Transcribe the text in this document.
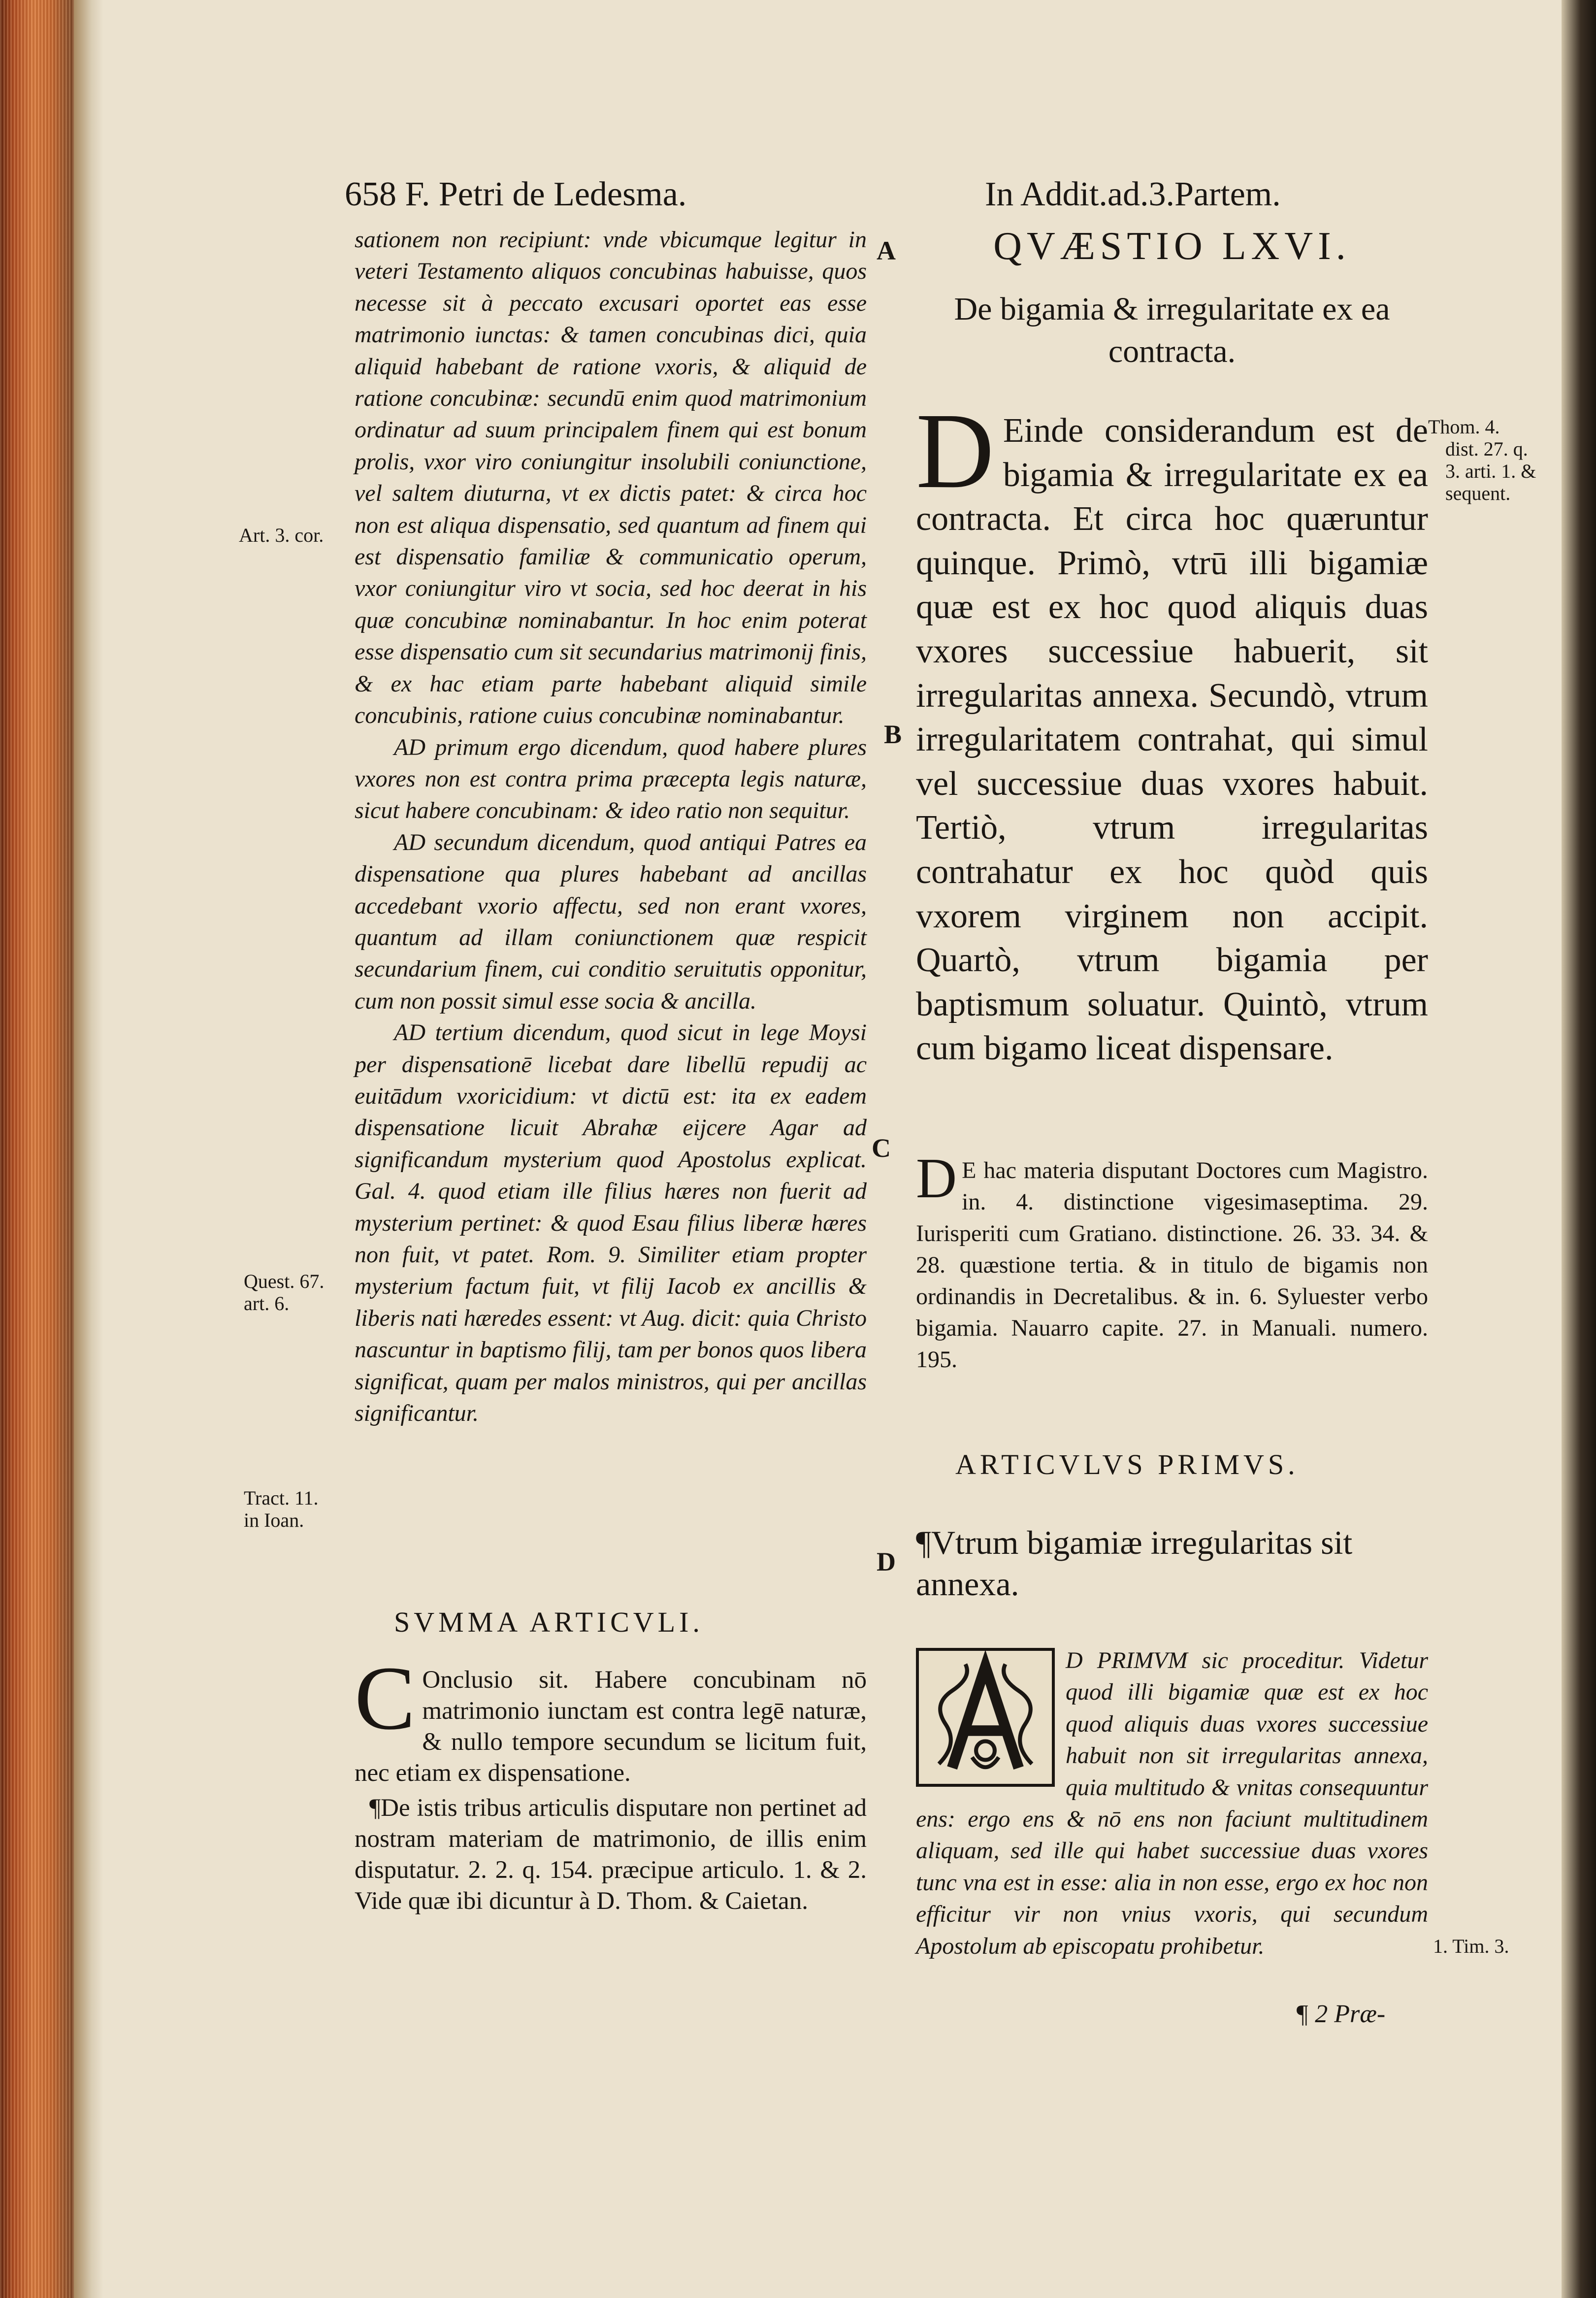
658 F. Petri de Ledesma.	In Addit.ad.3.Partem.

sationem non recipiunt: vnde vbicumque legitur in veteri Testamento aliquos concubinas habuisse, quos necesse sit à peccato excusari oportet eas esse matrimonio iunctas: & tamen concubinas dici, quia aliquid habebant de ratione vxoris, & aliquid de ratione concubinæ: secundū enim quod matrimonium ordinatur ad suum principalem finem qui est bonum prolis, vxor viro coniungitur insolubili coniunctione, vel saltem diuturna, vt ex dictis patet: & circa hoc non est aliqua dispensatio, sed quantum ad finem qui est dispensatio familiæ & communicatio operum, vxor coniungitur viro vt socia, sed hoc deerat in his quæ concubinæ nominabantur. In hoc enim poterat esse dispensatio cum sit secundarius matrimonij finis, & ex hac etiam parte habebant aliquid simile concubinis, ratione cuius concubinæ nominabantur.

AD primum ergo dicendum, quod habere plures vxores non est contra prima præcepta legis naturæ, sicut habere concubinam: & ideo ratio non sequitur.

AD secundum dicendum, quod antiqui Patres ea dispensatione qua plures habebant ad ancillas accedebant vxorio affectu, sed non erant vxores, quantum ad illam coniunctionem quæ respicit secundarium finem, cui conditio seruitutis opponitur, cum non possit simul esse socia & ancilla.

AD tertium dicendum, quod sicut in lege Moysi per dispensationē licebat dare libellū repudij ac euitādum vxoricidium: vt dictū est: ita ex eadem dispensatione licuit Abrahæ eijcere Agar ad significandum mysterium quod Apostolus explicat. Gal. 4. quod etiam ille filius hæres non fuerit ad mysterium pertinet: & quod Esau filius liberæ hæres non fuit, vt patet. Rom. 9. Similiter etiam propter mysterium factum fuit, vt filij Iacob ex ancillis & liberis nati hæredes essent: vt Aug. dicit: quia Christo nascuntur in baptismo filij, tam per bonos quos libera significat, quam per malos ministros, qui per ancillas significantur.

SVMMA ARTICVLI.

C Onclusio sit. Habere concubinam nō matrimonio iunctam est contra legē naturæ, & nullo tempore secundum se licitum fuit, nec etiam ex dispensatione.

¶De istis tribus articulis disputare non pertinet ad nostram materiam de matrimonio, de illis enim disputatur. 2. 2. q. 154. præcipue articulo. 1. & 2. Vide quæ ibi dicuntur à D. Thom. & Caietan.

QVÆSTIO LXVI.
De bigamia & irregularitate ex ea contracta.
D Einde considerandum est de bigamia & irregularitate ex ea contracta. Et circa hoc quæruntur quinque. Primò, vtrū illi bigamiæ quæ est ex hoc quod aliquis duas vxores successiue habuerit, sit irregularitas annexa. Secundò, vtrum irregularitatem contrahat, qui simul vel successiue duas vxores habuit. Tertiò, vtrum irregularitas contrahatur ex hoc quòd quis vxorem virginem non accipit. Quartò, vtrum bigamia per baptismum soluatur. Quintò, vtrum cum bigamo liceat dispensare.
D E hac materia disputant Doctores cum Magistro. in. 4. distinctione vigesimaseptima. 29. Iurisperiti cum Gratiano. distinctione. 26. 33. 34. & 28. quæstione tertia. & in titulo de bigamis non ordinandis in Decretalibus. & in. 6. Syluester verbo bigamia. Nauarro capite. 27. in Manuali. numero. 195.
ARTICVLVS PRIMVS.
¶Vtrum bigamiæ irregularitas sit annexa.
D PRIMVM sic proceditur. Videtur quod illi bigamiæ quæ est ex hoc quod aliquis duas vxores successiue habuit non sit irregularitas annexa, quia multitudo & vnitas consequuntur ens: ergo ens & nō ens non faciunt multitudinem aliquam, sed ille qui habet successiue duas vxores tunc vna est in esse: alia in non esse, ergo ex hoc non efficitur vir non vnius vxoris, qui secundum Apostolum ab episcopatu prohibetur.
¶ 2 Præ-
Art. 3. cor.
Quest. 67.
art. 6.
Tract. 11.
in Ioan.
Thom. 4.
dist. 27. q.
3. arti. 1. &
sequent.
1. Tim. 3.
A
B
C
D
